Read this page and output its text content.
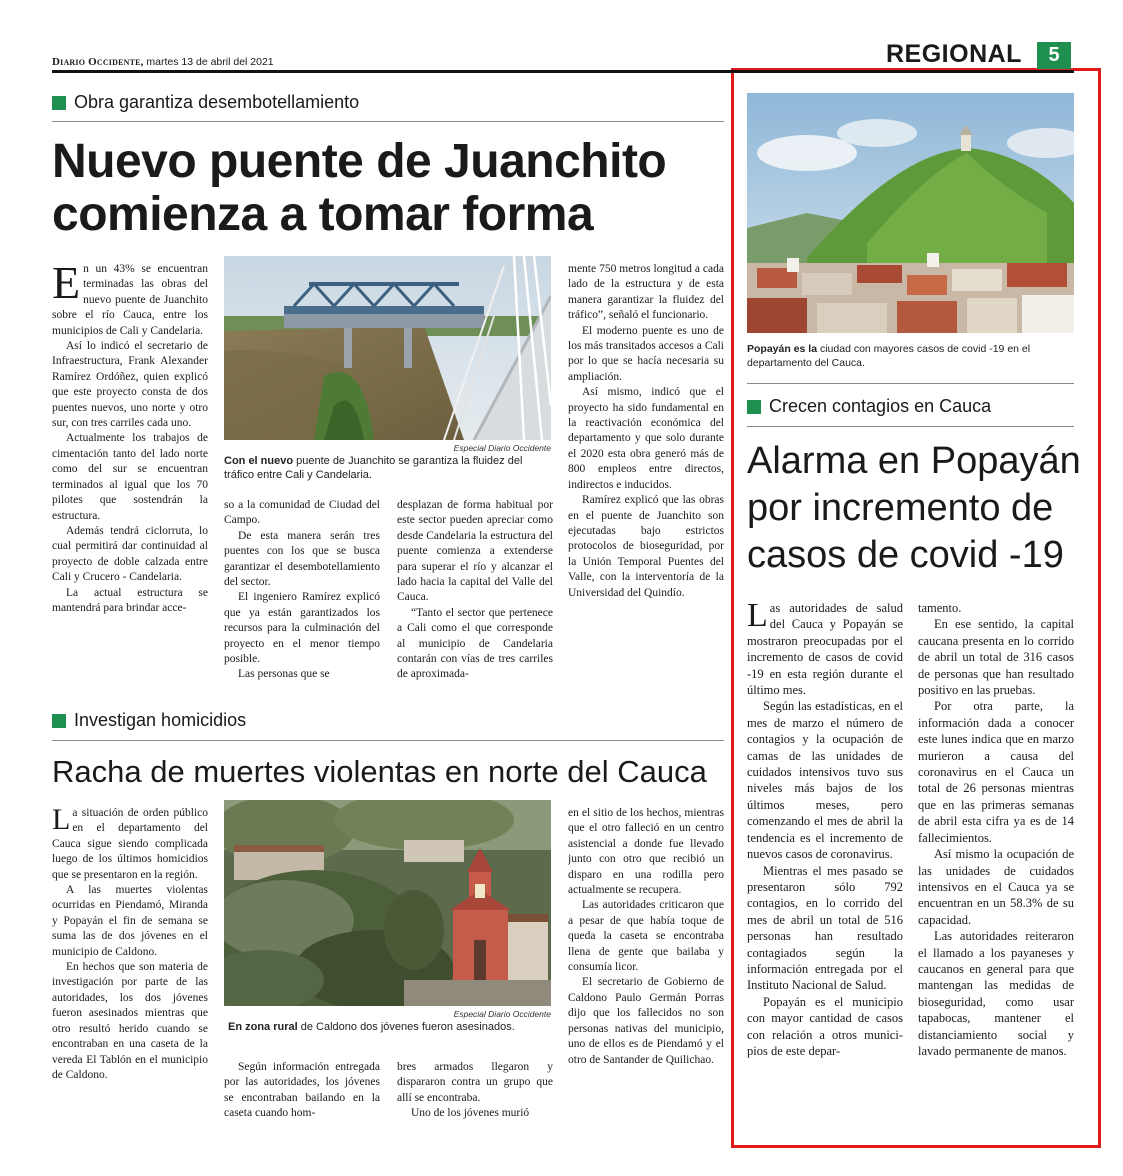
Diario Occidente, martes 13 de abril del 2021	REGIONAL	5
Obra garantiza desembotellamiento
Nuevo puente de Juanchito comienza a tomar forma

En un 43% se encuentran terminadas las obras del nuevo puente de Juanchito sobre el río Cauca, entre los municipios de Cali y Candelaria.

Así lo indicó el secretario de Infraestructura, Frank Alexander Ramírez Ordóñez, quien explicó que este proyecto consta de dos puentes nuevos, uno norte y otro sur, con tres carriles cada uno.

Actualmente los trabajos de cimentación tanto del lado norte como del sur se encuentran terminados al igual que los 70 pilotes que sostendrán la estructura.

Además tendrá ciclorruta, lo cual permitirá dar continuidad al proyecto de doble calzada entre Cali y Crucero - Candelaria.

La actual estructura se mantendrá para brindar acce-

Especial Diario Occidente
Con el nuevo puente de Juanchito se garantiza la fluidez del tráfico entre Cali y Candelaria.

so a la comunidad de Ciudad del Campo.

De esta manera serán tres puentes con los que se busca garantizar el desembotellamiento del sector.

El ingeniero Ramírez explicó que ya están garantizados los recursos para la culminación del proyecto en el menor tiempo posible.

Las personas que se

desplazan de forma habitual por este sector pueden apreciar como desde Candelaria la estructura del puente comienza a extenderse para superar el río y alcanzar el lado hacia la capital del Valle del Cauca.

“Tanto el sector que pertenece a Cali como el que corresponde al municipio de Candelaria contarán con vías de tres carriles de aproximada-

mente 750 metros longitud a cada lado de la estructura y de esta manera garantizar la fluidez del tráfico”, señaló el funcionario.

El moderno puente es uno de los más transitados accesos a Cali por lo que se hacía necesaria su ampliación.

Así mismo, indicó que el proyecto ha sido fundamental en la reactivación económica del departamento y que solo durante el 2020 esta obra generó más de 800 empleos entre directos, indirectos e inducidos.

Ramírez explicó que las obras en el puente de Juanchito son ejecutadas bajo estrictos protocolos de bioseguridad, por la Unión Temporal Puentes del Valle, con la interventoría de la Universidad del Quindío.

Investigan homicidios
Racha de muertes violentas en norte del Cauca

La situación de orden público en el departamento del Cauca sigue siendo complicada luego de los últimos homicidios que se presentaron en la región.

A las muertes violentas ocurridas en Piendamó, Miranda y Popayán el fin de semana se suma las de dos jóvenes en el municipio de Caldono.

En hechos que son materia de investigación por parte de las autoridades, los dos jóvenes fueron asesinados mientras que otro resultó herido cuando se encontraban en una caseta de la vereda El Tablón en el municipio de Caldono.

Especial Diario Occidente
En zona rural de Caldono dos jóvenes fueron asesinados.

Según información entregada por las autoridades, los jóvenes se encontraban bailando en la caseta cuando hom-

bres armados llegaron y dispararon contra un grupo que allí se encontraba.

Uno de los jóvenes murió

en el sitio de los hechos, mientras que el otro falleció en un centro asistencial a donde fue llevado junto con otro que recibió un disparo en una rodilla pero actualmente se recupera.

Las autoridades criticaron que a pesar de que había toque de queda la caseta se encontraba llena de gente que bailaba y consumía licor.

El secretario de Gobierno de Caldono Paulo Germán Porras dijo que los fallecidos no son personas nativas del municipio, uno de ellos es de Piendamó y el otro de Santander de Quilichao.

Popayán es la ciudad con mayores casos de covid -19 en el departamento del Cauca.
Crecen contagios en Cauca
Alarma en Popayán por incremento de casos de covid -19

Las autoridades de salud del Cauca y Popayán se mostraron preocupadas por el incremento de casos de covid -19 en esta región durante el último mes.

Según las estadísticas, en el mes de marzo el número de contagios y la ocupación de camas de las unidades de cuidados intensivos tuvo sus niveles más bajos de los últimos meses, pero comenzando el mes de abril la tendencia es el incremento de nuevos casos de coronavirus.

Mientras el mes pasado se presentaron sólo 792 contagios, en lo corrido del mes de abril un total de 516 personas han resultado contagiados según la información entregada por el Instituto Nacional de Salud.

Popayán es el municipio con mayor cantidad de casos con relación a otros munici-pios de este depar-

tamento.

En ese sentido, la capital caucana presenta en lo corrido de abril un total de 316 casos de personas que han resultado positivo en las pruebas.

Por otra parte, la información dada a conocer este lunes indica que en marzo murieron a causa del coronavirus en el Cauca un total de 26 personas mientras que en las primeras semanas de abril esta cifra ya es de 14 fallecimientos.

Así mismo la ocupación de las unidades de cuidados intensivos en el Cauca ya se encuentran en un 58.3% de su capacidad.

Las autoridades reiteraron el llamado a los payaneses y caucanos en general para que mantengan las medidas de bioseguridad, como usar tapabocas, mantener el distanciamiento social y lavado permanente de manos.
